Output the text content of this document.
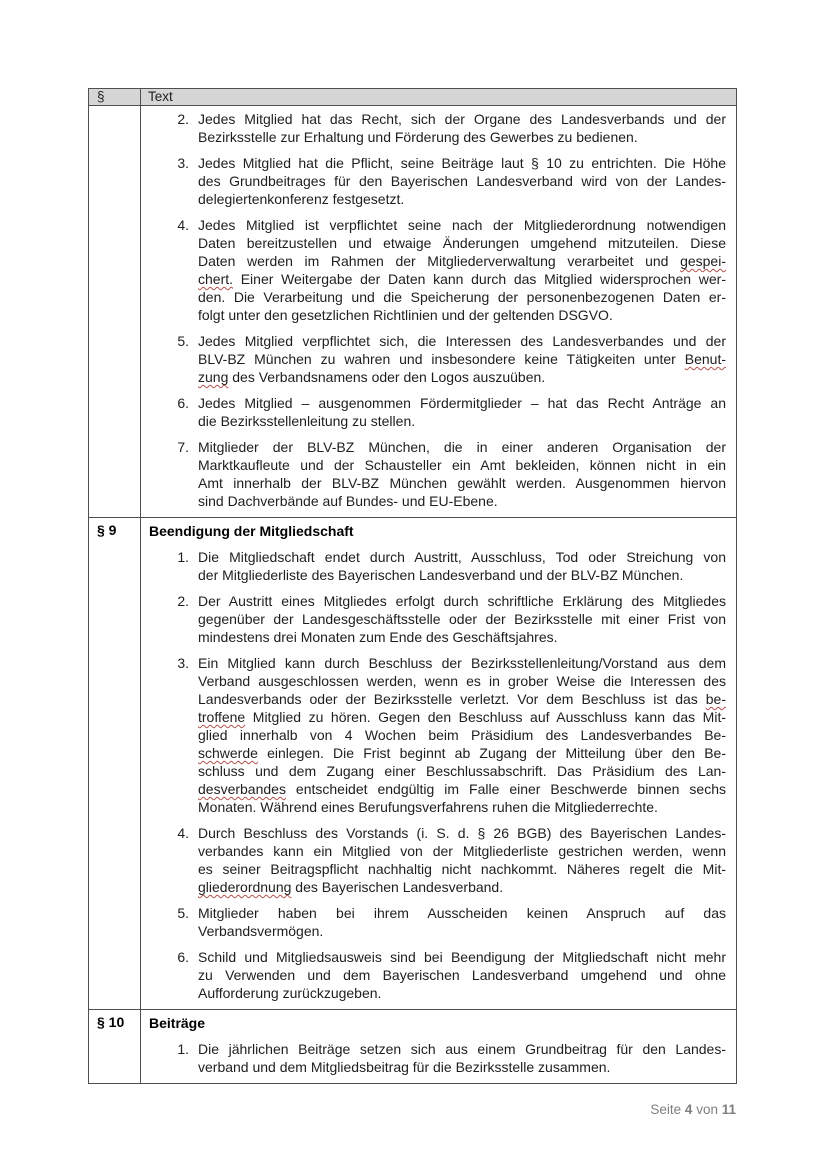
§	Text
2. Jedes Mitglied hat das Recht, sich der Organe des Landesverbands und der
Bezirksstelle zur Erhaltung und Förderung des Gewerbes zu bedienen.
3. Jedes Mitglied hat die Pflicht, seine Beiträge laut § 10 zu entrichten. Die Höhe
des Grundbeitrages für den Bayerischen Landesverband wird von der Landes-
delegiertenkonferenz festgesetzt.
4. Jedes Mitglied ist verpflichtet seine nach der Mitgliederordnung notwendigen
Daten bereitzustellen und etwaige Änderungen umgehend mitzuteilen. Diese
Daten werden im Rahmen der Mitgliederverwaltung verarbeitet und gespei-
chert. Einer Weitergabe der Daten kann durch das Mitglied widersprochen wer-
den. Die Verarbeitung und die Speicherung der personenbezogenen Daten er-
folgt unter den gesetzlichen Richtlinien und der geltenden DSGVO.
5. Jedes Mitglied verpflichtet sich, die Interessen des Landesverbandes und der
BLV-BZ München zu wahren und insbesondere keine Tätigkeiten unter Benut-
zung des Verbandsnamens oder den Logos auszuüben.
6. Jedes Mitglied – ausgenommen Fördermitglieder – hat das Recht Anträge an
die Bezirksstellenleitung zu stellen.
7. Mitglieder der BLV-BZ München, die in einer anderen Organisation der
Marktkaufleute und der Schausteller ein Amt bekleiden, können nicht in ein
Amt innerhalb der BLV-BZ München gewählt werden. Ausgenommen hiervon
sind Dachverbände auf Bundes- und EU-Ebene.
§ 9	Beendigung der Mitgliedschaft
1. Die Mitgliedschaft endet durch Austritt, Ausschluss, Tod oder Streichung von
der Mitgliederliste des Bayerischen Landesverband und der BLV-BZ München.
2. Der Austritt eines Mitgliedes erfolgt durch schriftliche Erklärung des Mitgliedes
gegenüber der Landesgeschäftsstelle oder der Bezirksstelle mit einer Frist von
mindestens drei Monaten zum Ende des Geschäftsjahres.
3. Ein Mitglied kann durch Beschluss der Bezirksstellenleitung/Vorstand aus dem
Verband ausgeschlossen werden, wenn es in grober Weise die Interessen des
Landesverbands oder der Bezirksstelle verletzt. Vor dem Beschluss ist das be-
troffene Mitglied zu hören. Gegen den Beschluss auf Ausschluss kann das Mit-
glied innerhalb von 4 Wochen beim Präsidium des Landesverbandes Be-
schwerde einlegen. Die Frist beginnt ab Zugang der Mitteilung über den Be-
schluss und dem Zugang einer Beschlussabschrift. Das Präsidium des Lan-
desverbandes entscheidet endgültig im Falle einer Beschwerde binnen sechs
Monaten. Während eines Berufungsverfahrens ruhen die Mitgliederrechte.
4. Durch Beschluss des Vorstands (i. S. d. § 26 BGB) des Bayerischen Landes-
verbandes kann ein Mitglied von der Mitgliederliste gestrichen werden, wenn
es seiner Beitragspflicht nachhaltig nicht nachkommt. Näheres regelt die Mit-
gliederordnung des Bayerischen Landesverband.
5. Mitglieder haben bei ihrem Ausscheiden keinen Anspruch auf das
Verbandsvermögen.
6. Schild und Mitgliedsausweis sind bei Beendigung der Mitgliedschaft nicht mehr
zu Verwenden und dem Bayerischen Landesverband umgehend und ohne
Aufforderung zurückzugeben.
§ 10	Beiträge
1. Die jährlichen Beiträge setzen sich aus einem Grundbeitrag für den Landes-
verband und dem Mitgliedsbeitrag für die Bezirksstelle zusammen.
Seite 4 von 11
